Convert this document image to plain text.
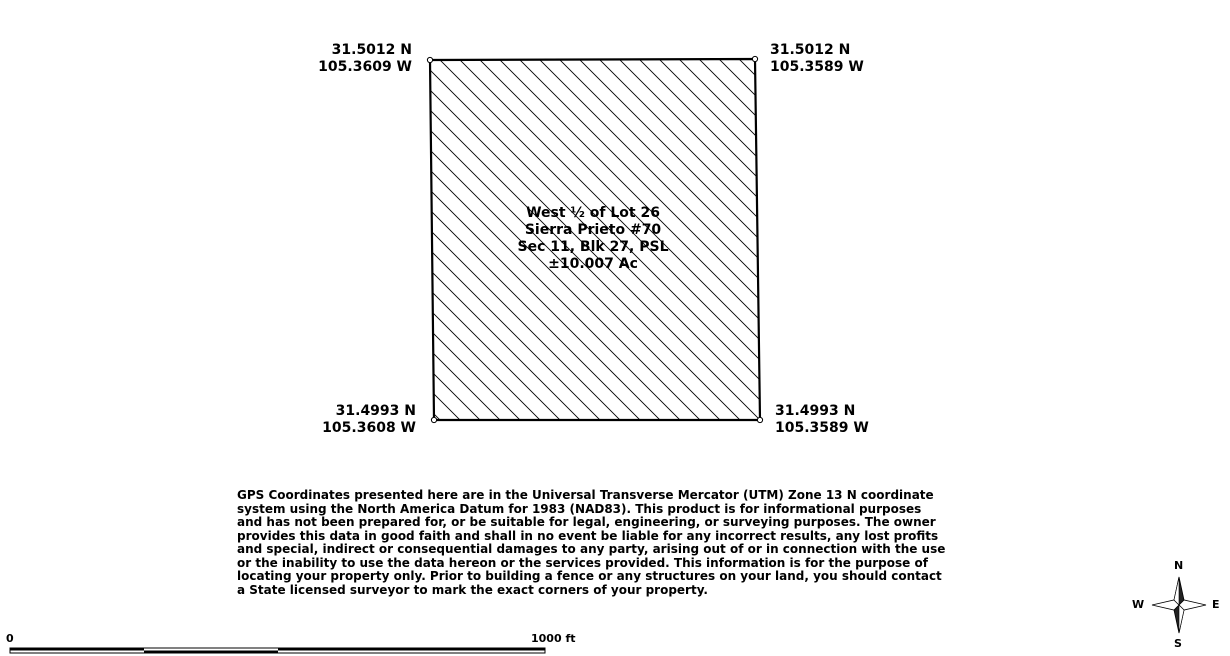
31.5012 N
105.3609 W
31.5012 N
105.3589 W
31.4993 N
105.3608 W
31.4993 N
105.3589 W
West ½ of Lot 26
Sierra Prieto #70
Sec 11, Blk 27, PSL
±10.007 Ac
GPS Coordinates presented here are in the Universal Transverse Mercator (UTM) Zone 13 N coordinate
system using the North America Datum for 1983 (NAD83). This product is for informational purposes
and has not been prepared for, or be suitable for legal, engineering, or surveying purposes. The owner
provides this data in good faith and shall in no event be liable for any incorrect results, any lost profits
and special, indirect or consequential damages to any party, arising out of or in connection with the use
or the inability to use the data hereon or the services provided. This information is for the purpose of
locating your property only. Prior to building a fence or any structures on your land, you should contact
a State licensed surveyor to mark the exact corners of your property.
0	1000 ft
N
S
E
W
